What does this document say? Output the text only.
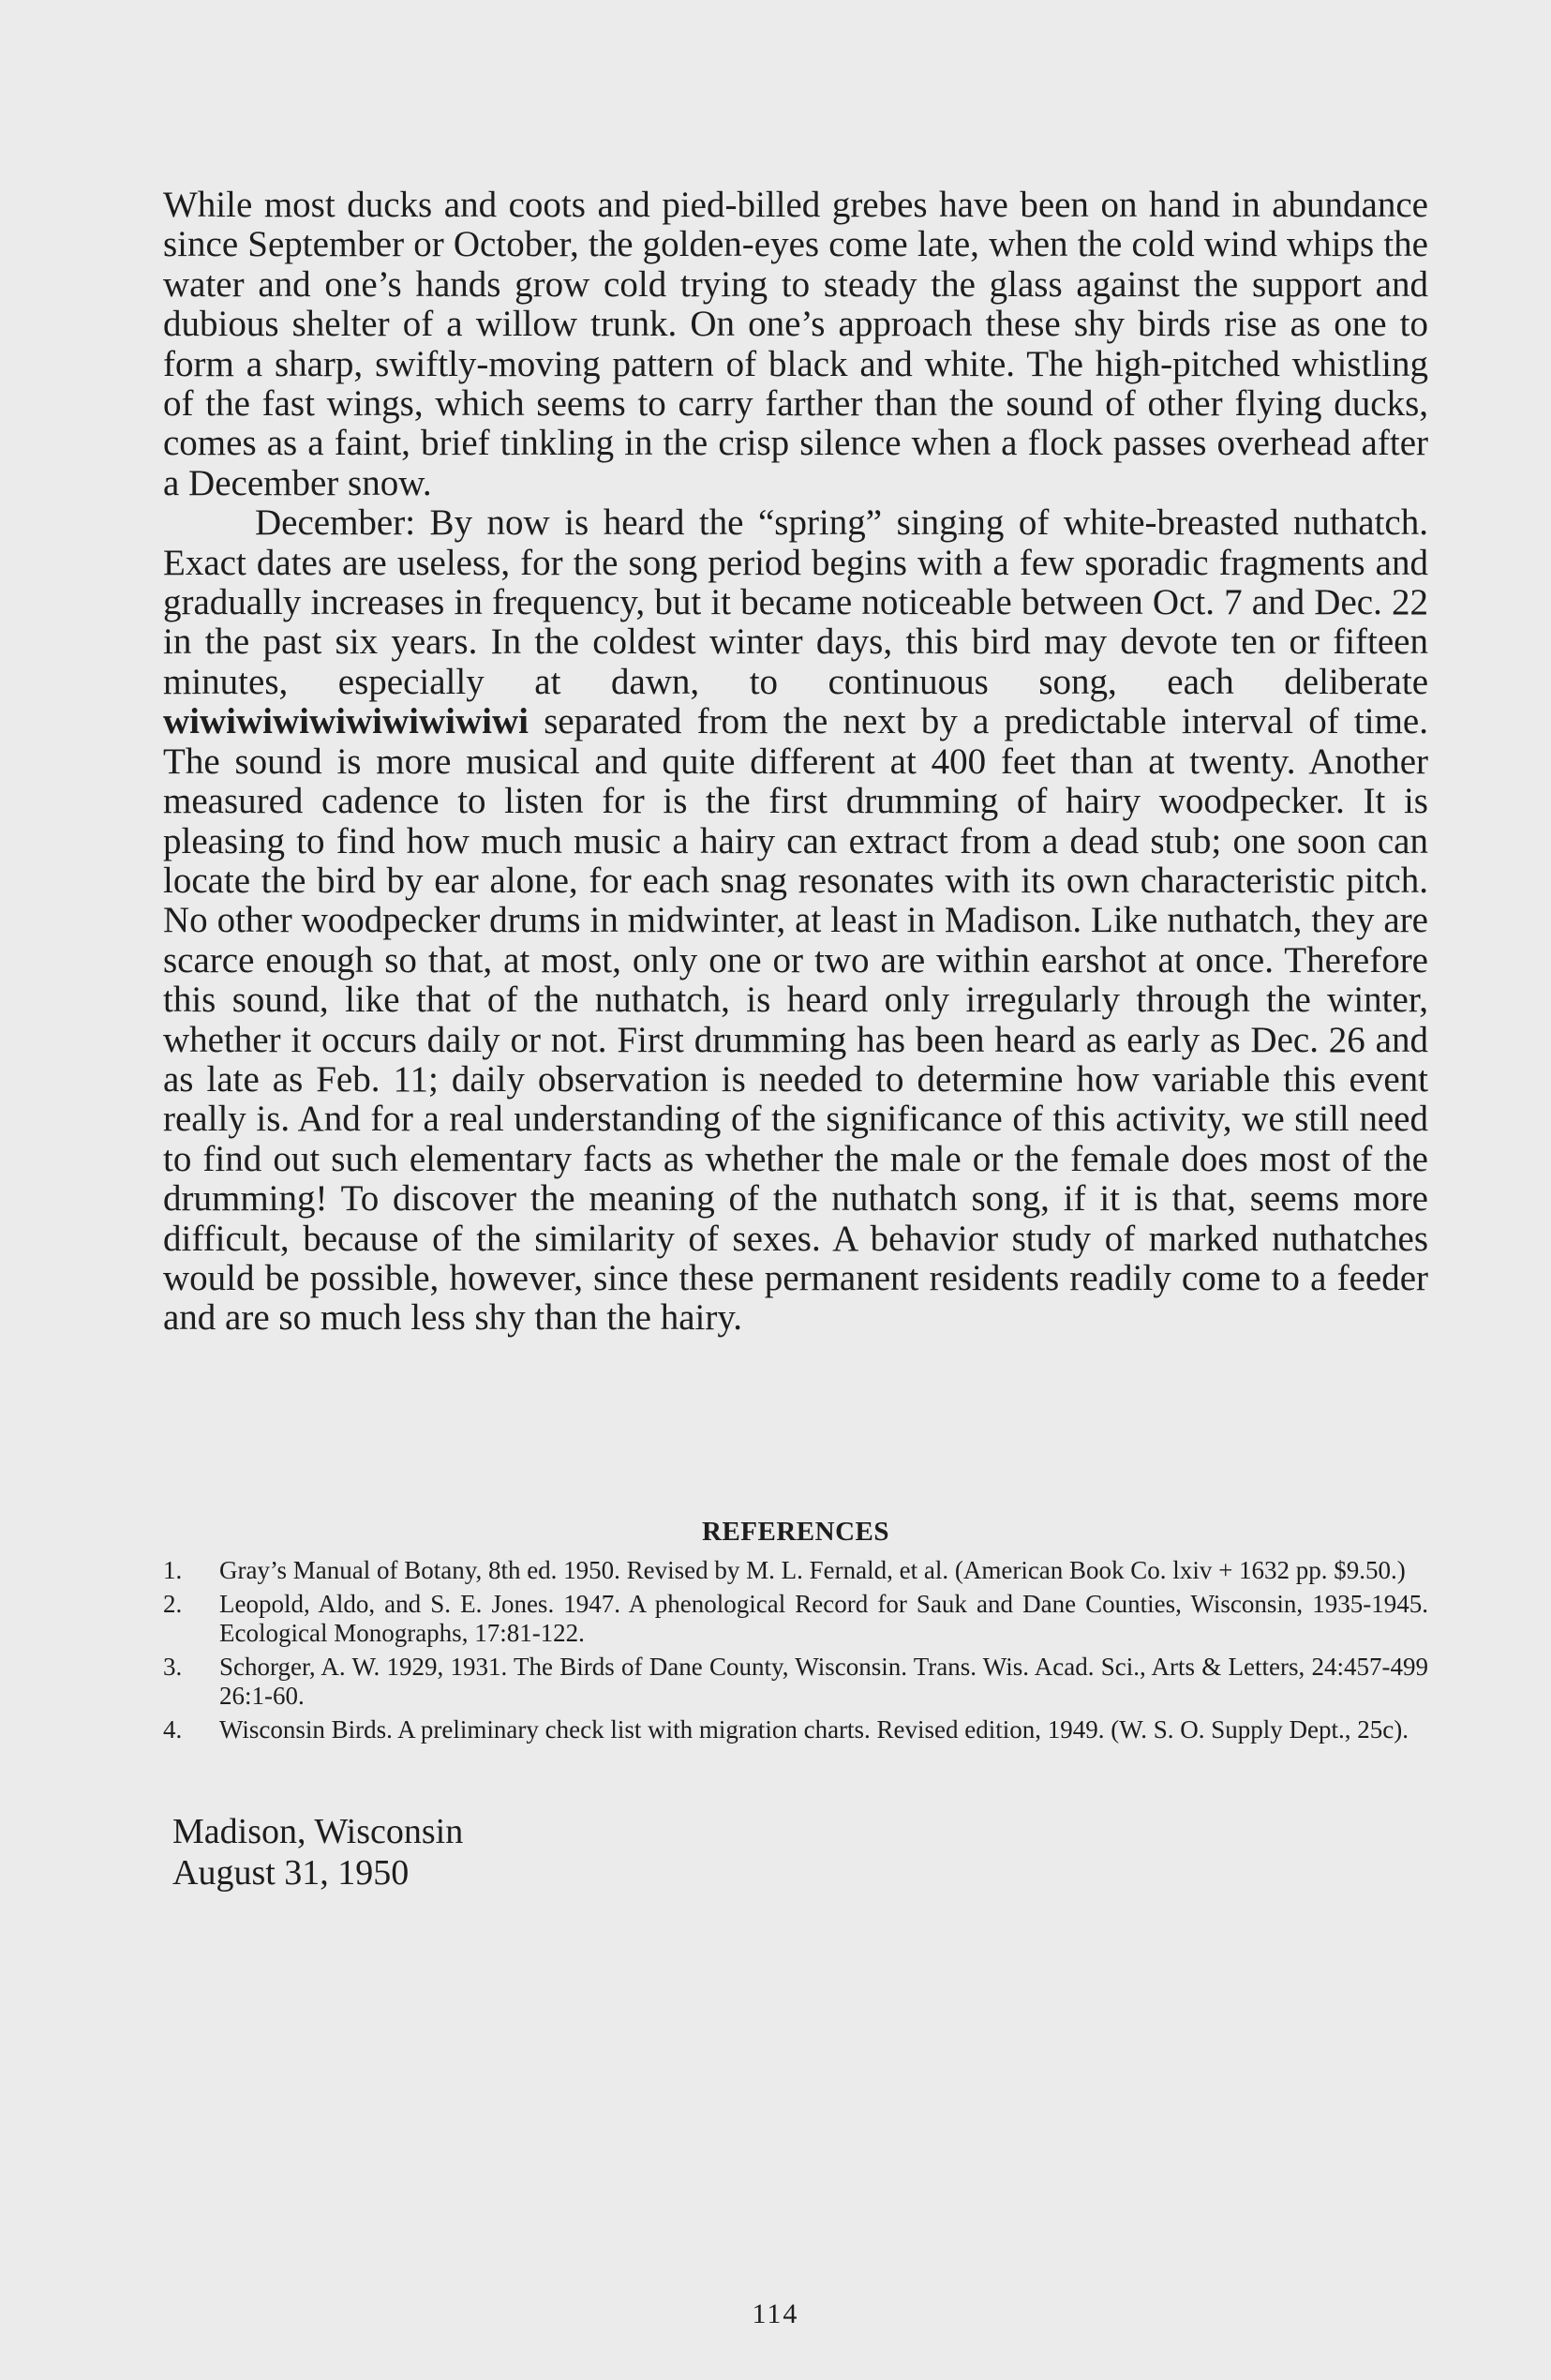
While most ducks and coots and pied-billed grebes have been on hand in abundance since September or October, the golden-eyes come late, when the cold wind whips the water and one’s hands grow cold trying to steady the glass against the support and dubious shelter of a willow trunk. On one’s approach these shy birds rise as one to form a sharp, swiftly-moving pattern of black and white. The high-pitched whistling of the fast wings, which seems to carry farther than the sound of other flying ducks, comes as a faint, brief tinkling in the crisp silence when a flock passes overhead after a December snow.

December: By now is heard the “spring” singing of white-breasted nuthatch. Exact dates are useless, for the song period begins with a few sporadic fragments and gradually increases in frequency, but it became noticeable between Oct. 7 and Dec. 22 in the past six years. In the coldest winter days, this bird may devote ten or fifteen minutes, especially at dawn, to continuous song, each deliberate wiwiwiwiwiwiwiwiwiwi separated from the next by a predictable interval of time. The sound is more musical and quite different at 400 feet than at twenty. Another measured cadence to listen for is the first drumming of hairy woodpecker. It is pleasing to find how much music a hairy can extract from a dead stub; one soon can locate the bird by ear alone, for each snag resonates with its own characteristic pitch. No other woodpecker drums in midwinter, at least in Madison. Like nuthatch, they are scarce enough so that, at most, only one or two are within earshot at once. Therefore this sound, like that of the nuthatch, is heard only irregularly through the winter, whether it occurs daily or not. First drumming has been heard as early as Dec. 26 and as late as Feb. 11; daily observation is needed to determine how variable this event really is. And for a real understanding of the significance of this activity, we still need to find out such elementary facts as whether the male or the female does most of the drumming! To discover the meaning of the nuthatch song, if it is that, seems more difficult, because of the similarity of sexes. A behavior study of marked nuthatches would be possible, however, since these permanent residents readily come to a feeder and are so much less shy than the hairy.

REFERENCES
1. Gray’s Manual of Botany, 8th ed. 1950. Revised by M. L. Fernald, et al. (American Book Co. lxiv + 1632 pp. $9.50.)
2. Leopold, Aldo, and S. E. Jones. 1947. A phenological Record for Sauk and Dane Counties, Wisconsin, 1935-1945. Ecological Monographs, 17:81-122.
3. Schorger, A. W. 1929, 1931. The Birds of Dane County, Wisconsin. Trans. Wis. Acad. Sci., Arts & Letters, 24:457-499 26:1-60.
4. Wisconsin Birds. A preliminary check list with migration charts. Revised edition, 1949. (W. S. O. Supply Dept., 25c).
Madison, Wisconsin
August 31, 1950
114
